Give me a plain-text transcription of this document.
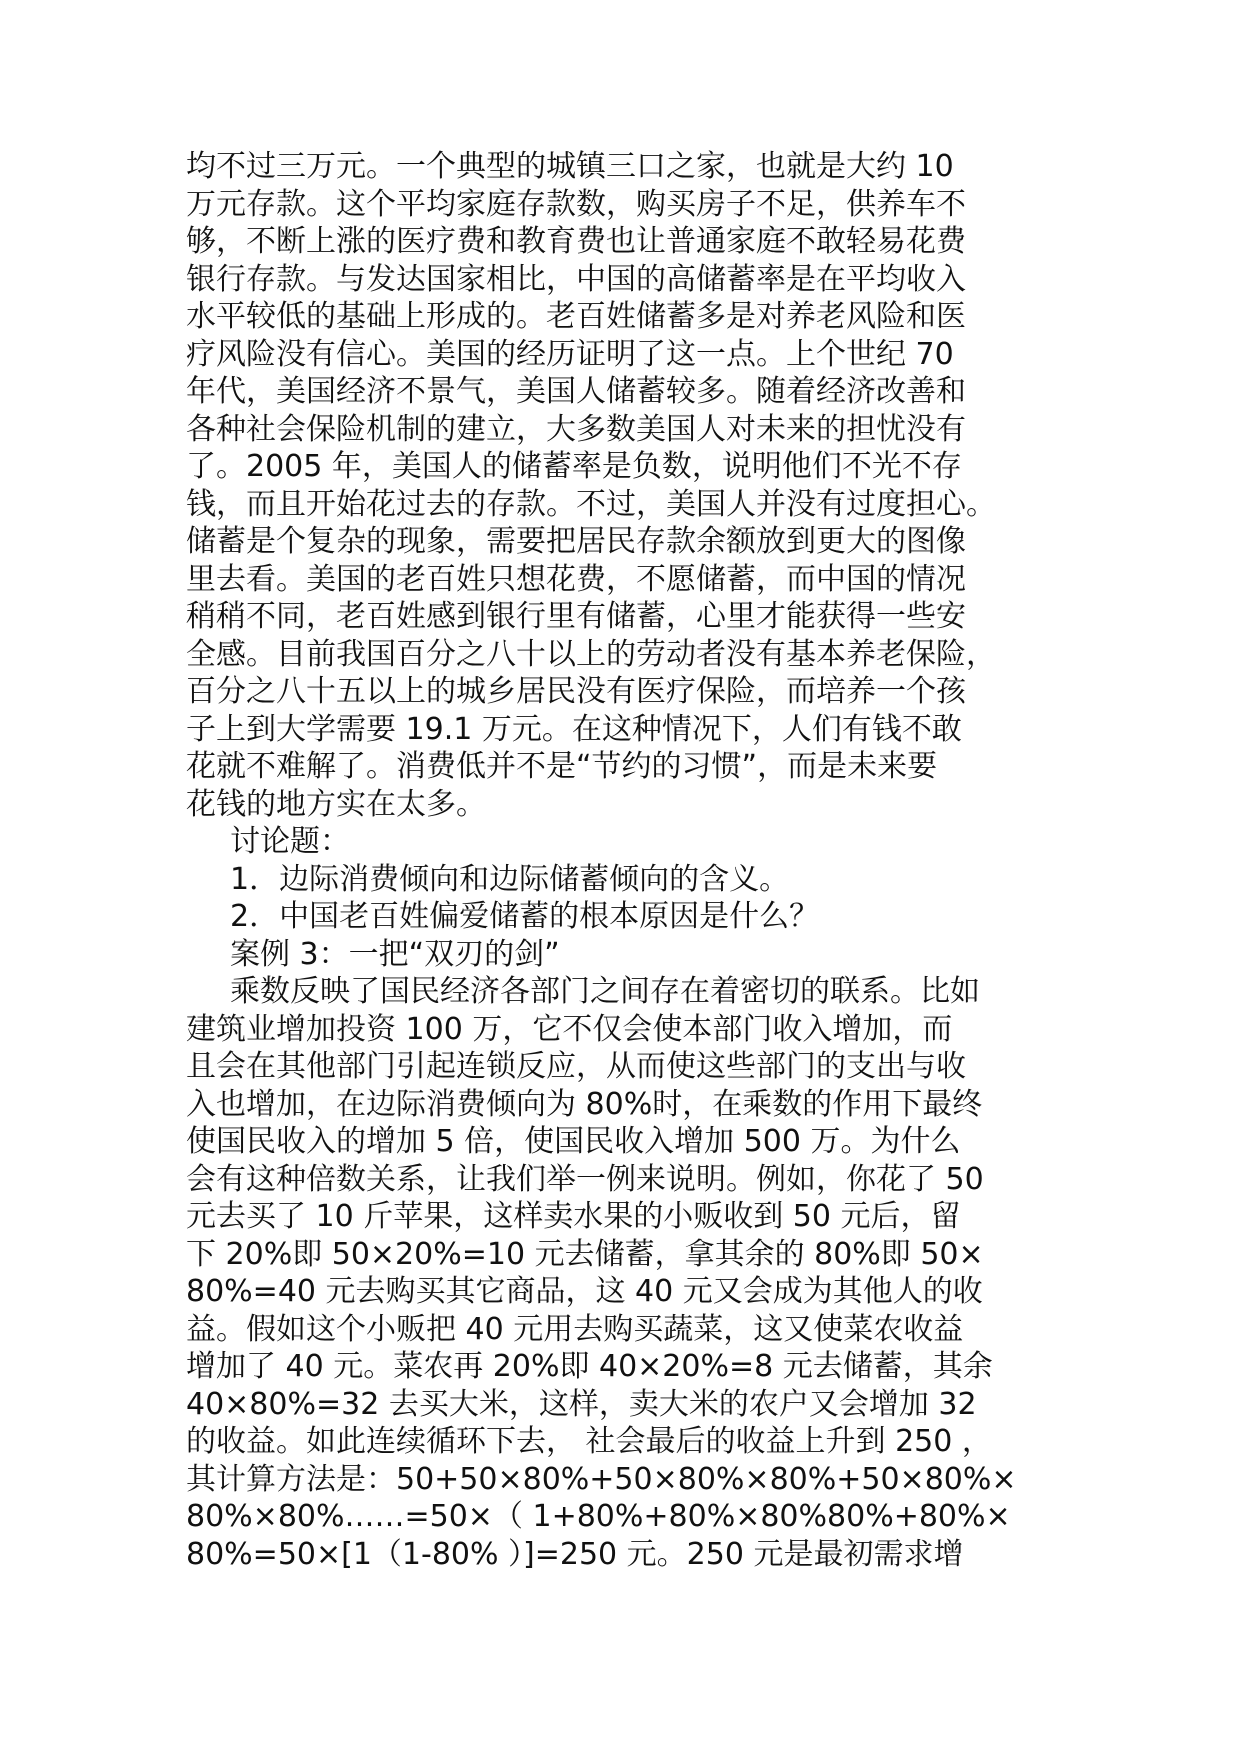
均不过三万元。一个典型的城镇三口之家，也就是大约 10
万元存款。这个平均家庭存款数，购买房子不足，供养车不
够，不断上涨的医疗费和教育费也让普通家庭不敢轻易花费
银行存款。与发达国家相比，中国的高储蓄率是在平均收入
水平较低的基础上形成的。老百姓储蓄多是对养老风险和医
疗风险没有信心。美国的经历证明了这一点。上个世纪 70
年代，美国经济不景气，美国人储蓄较多。随着经济改善和
各种社会保险机制的建立，大多数美国人对未来的担忧没有
了。2005 年，美国人的储蓄率是负数，说明他们不光不存
钱，而且开始花过去的存款。不过，美国人并没有过度担心。
储蓄是个复杂的现象，需要把居民存款余额放到更大的图像
里去看。美国的老百姓只想花费，不愿储蓄，而中国的情况
稍稍不同，老百姓感到银行里有储蓄，心里才能获得一些安
全感。目前我国百分之八十以上的劳动者没有基本养老保险，
百分之八十五以上的城乡居民没有医疗保险，而培养一个孩
子上到大学需要 19.1 万元。在这种情况下，人们有钱不敢
花就不难解了。消费低并不是“节约的习惯”，而是未来要
花钱的地方实在太多。
讨论题：
1．边际消费倾向和边际储蓄倾向的含义。
2．中国老百姓偏爱储蓄的根本原因是什么？
案例 3：一把“双刃的剑”
乘数反映了国民经济各部门之间存在着密切的联系。比如
建筑业增加投资 100 万，它不仅会使本部门收入增加，而
且会在其他部门引起连锁反应，从而使这些部门的支出与收
入也增加，在边际消费倾向为 80%时，在乘数的作用下最终
使国民收入的增加 5 倍，使国民收入增加 500 万。为什么
会有这种倍数关系，让我们举一例来说明。例如，你花了 50
元去买了 10 斤苹果，这样卖水果的小贩收到 50 元后，留
下 20%即 50×20%=10 元去储蓄，拿其余的 80%即 50×
80%=40 元去购买其它商品，这 40 元又会成为其他人的收
益。假如这个小贩把 40 元用去购买蔬菜，这又使菜农收益
增加了 40 元。菜农再 20%即 40×20%=8 元去储蓄，其余
40×80%=32 去买大米，这样，卖大米的农户又会增加 32
的收益。如此连续循环下去， 社会最后的收益上升到 250 ，
其计算方法是：50+50×80%+50×80%×80%+50×80%×
80%×80%……=50×（ 1+80%+80%×80%80%+80%×
80%=50×[1（1-80% ）]=250 元。250 元是最初需求增
